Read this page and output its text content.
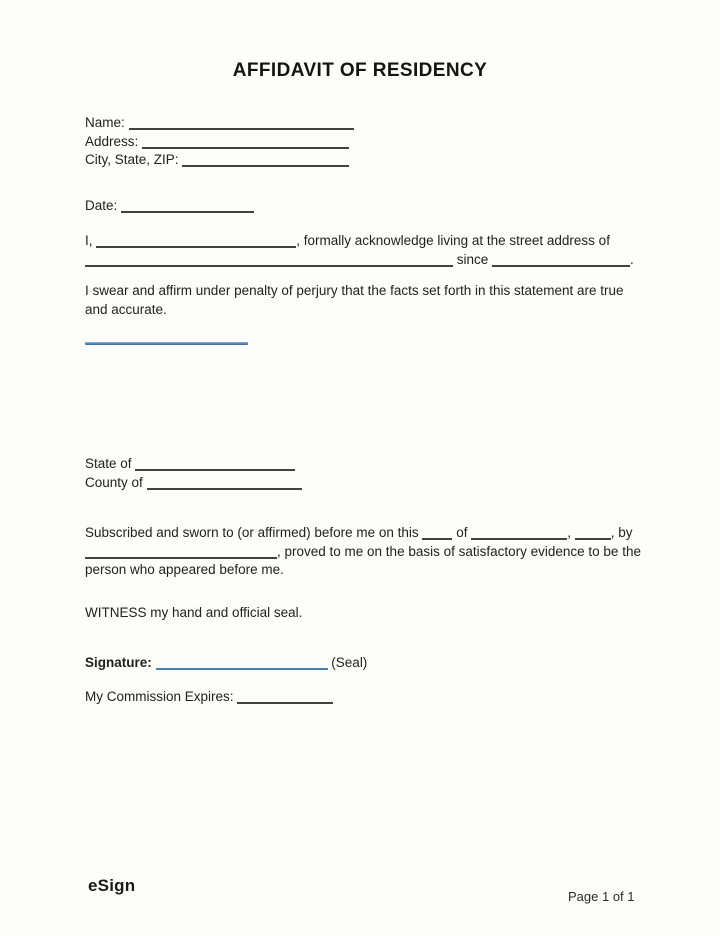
AFFIDAVIT OF RESIDENCY
Name:
Address:
City, State, ZIP:
Date:
I,	, formally acknowledge living at the street address of  since	.
I swear and affirm under penalty of perjury that the facts set forth in this statement are true and accurate.
State of
County of
Subscribed and sworn to (or affirmed) before me on this	of	,	, by , proved to me on the basis of satisfactory evidence to be the person who appeared before me.
WITNESS my hand and official seal.
Signature:	(Seal)
My Commission Expires:
eSign
Page 1 of 1
